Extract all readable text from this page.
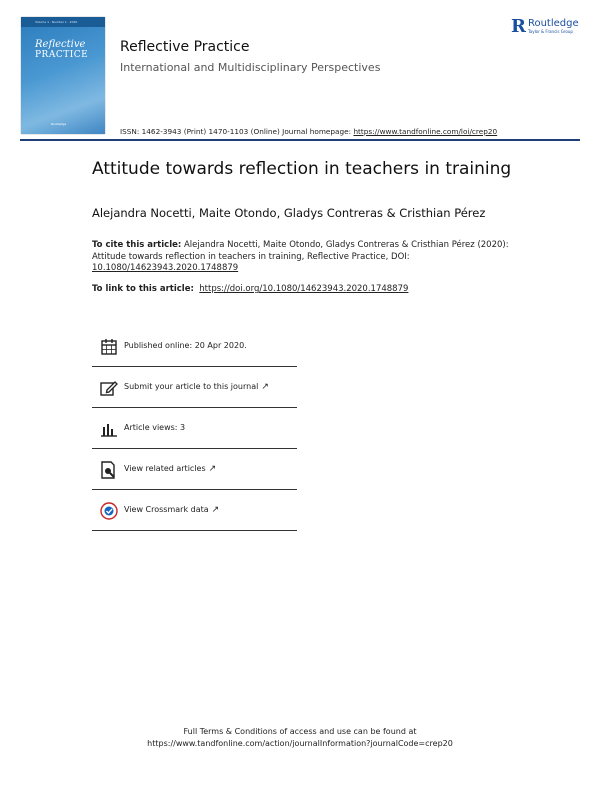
Volume 1 · Number 1 · 2020
Reflective
PRACTICE
Routledge
Reflective Practice
International and Multidisciplinary Perspectives
ISSN: 1462-3943 (Print) 1470-1103 (Online) Journal homepage: https://www.tandfonline.com/loi/crep20
R Routledge
Taylor & Francis Group
Attitude towards reflection in teachers in training
Alejandra Nocetti, Maite Otondo, Gladys Contreras & Cristhian Pérez
To cite this article: Alejandra Nocetti, Maite Otondo, Gladys Contreras & Cristhian Pérez (2020): Attitude towards reflection in teachers in training, Reflective Practice, DOI: 10.1080/14623943.2020.1748879
To link to this article: https://doi.org/10.1080/14623943.2020.1748879
Published online: 20 Apr 2020.
Submit your article to this journal ↗
Article views: 3
View related articles ↗
View Crossmark data ↗
Full Terms & Conditions of access and use can be found at
https://www.tandfonline.com/action/journalInformation?journalCode=crep20
